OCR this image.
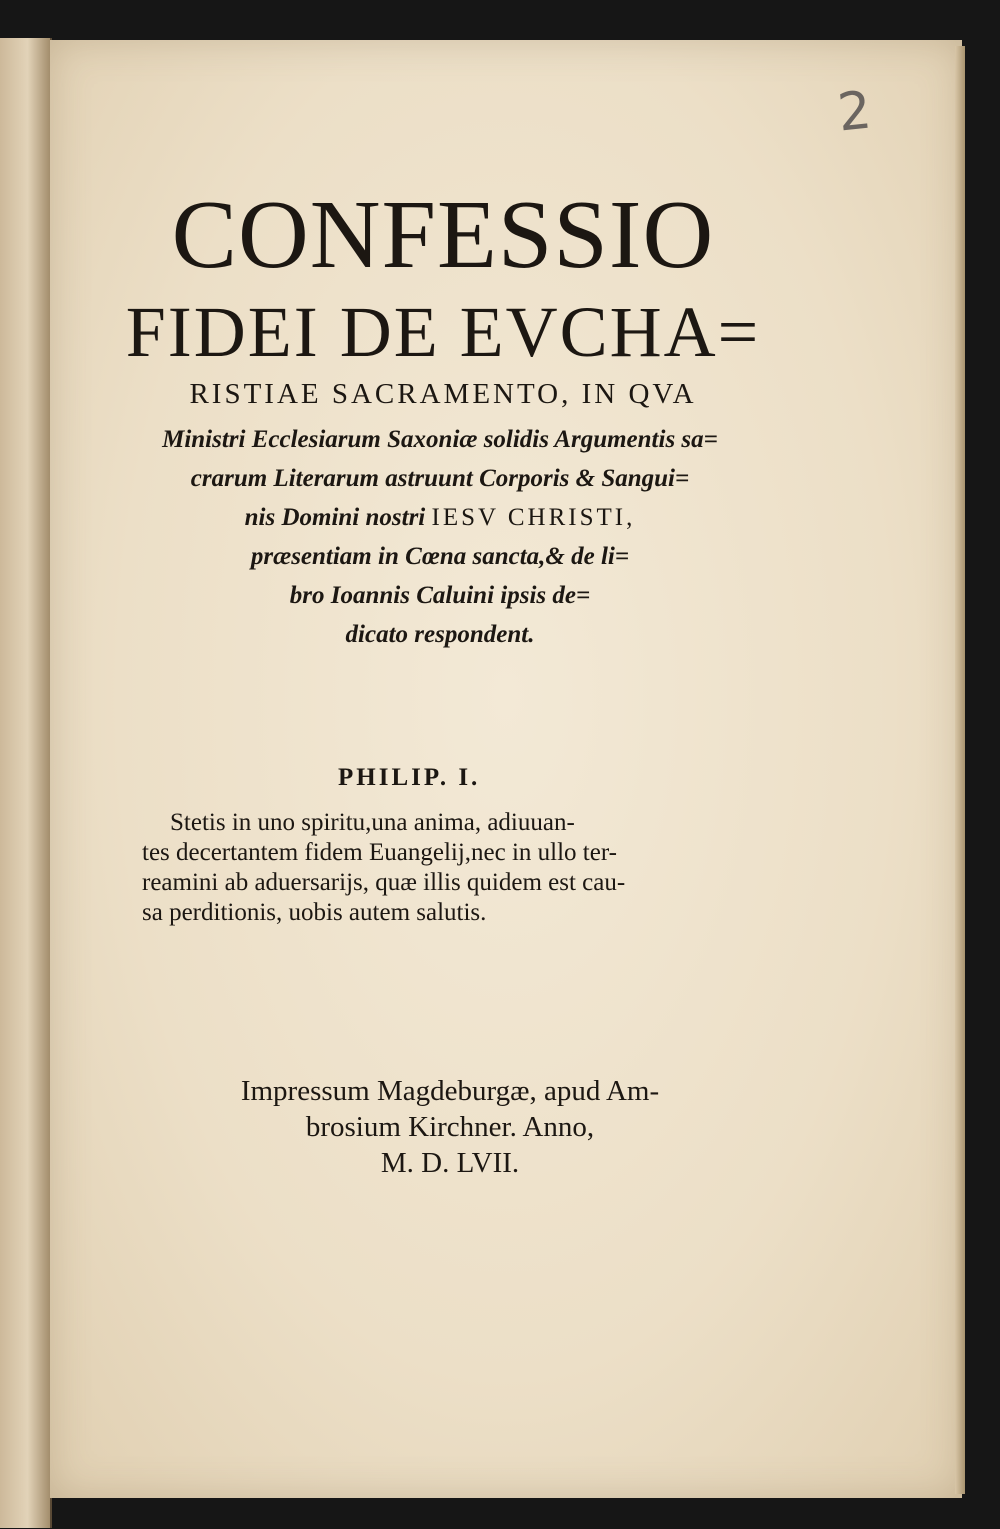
2
CONFESSIO
FIDEI DE EVCHA=
RISTIAE SACRAMENTO, IN QVA
Ministri Ecclesiarum Saxoniæ solidis Argumentis sa=
crarum Literarum astruunt Corporis & Sangui=
nis Domini nostri IESV CHRISTI,
præsentiam in Cœna sancta,& de li=
bro Ioannis Caluini ipsis de=
dicato respondent.
PHILIP. I.
Stetis in uno spiritu,una anima, adiuuan-
tes decertantem fidem Euangelij,nec in ullo ter-
reamini ab aduersarijs, quæ illis quidem est cau-
sa perditionis, uobis autem salutis.
Impressum Magdeburgæ, apud Am-
brosium Kirchner. Anno,
M. D. LVII.
